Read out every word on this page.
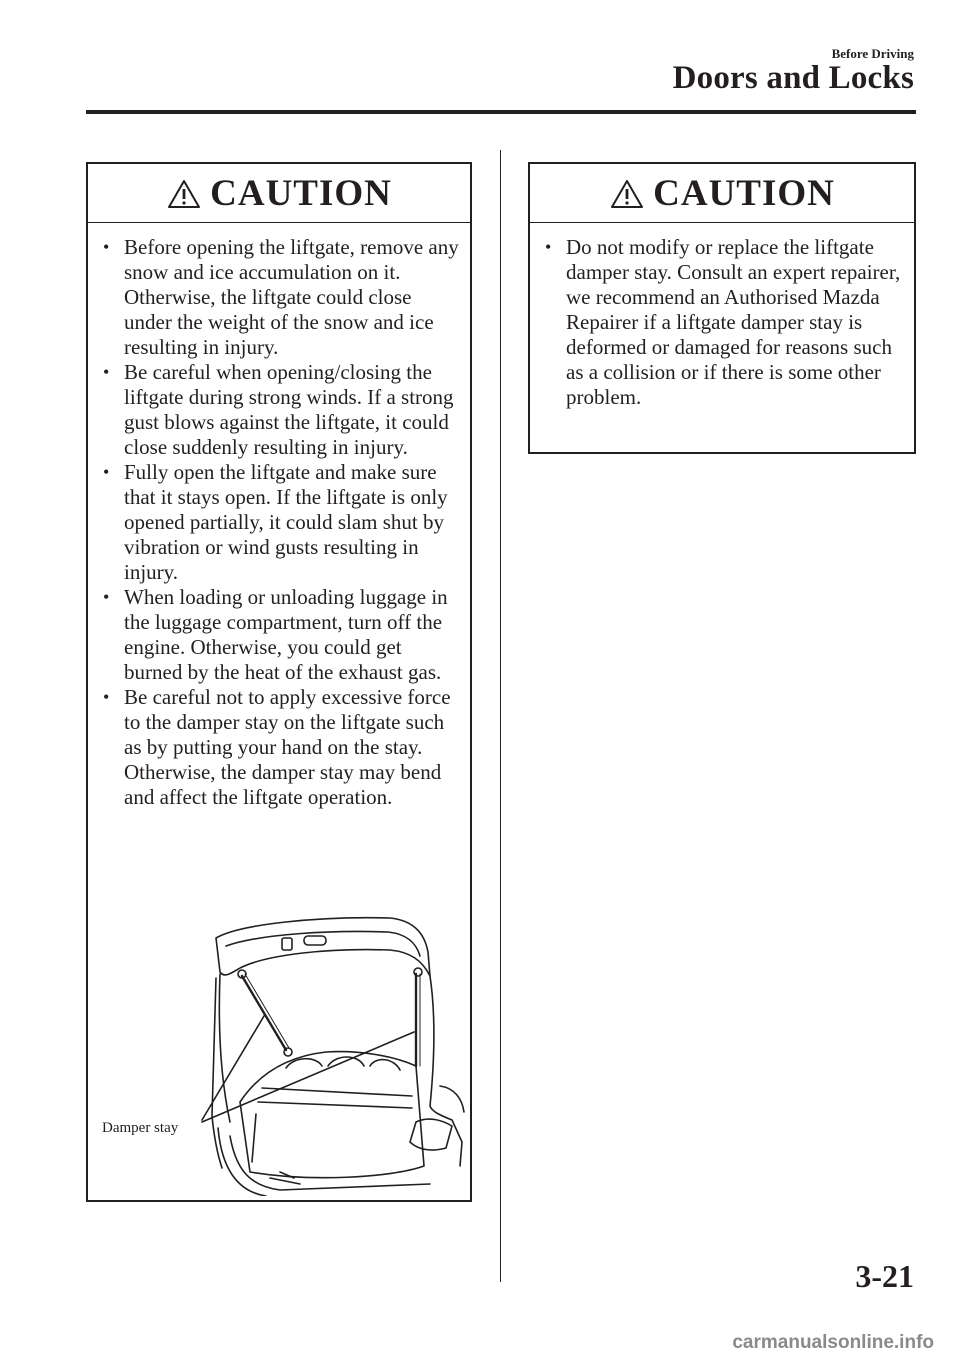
Before Driving
Doors and Locks
CAUTION
• Before opening the liftgate, remove any snow and ice accumulation on it. Otherwise, the liftgate could close under the weight of the snow and ice resulting in injury.
• Be careful when opening/closing the liftgate during strong winds. If a strong gust blows against the liftgate, it could close suddenly resulting in injury.
• Fully open the liftgate and make sure that it stays open. If the liftgate is only opened partially, it could slam shut by vibration or wind gusts resulting in injury.
• When loading or unloading luggage in the luggage compartment, turn off the engine. Otherwise, you could get burned by the heat of the exhaust gas.
• Be careful not to apply excessive force to the damper stay on the liftgate such as by putting your hand on the stay. Otherwise, the damper stay may bend and affect the liftgate operation.
Damper stay
CAUTION
• Do not modify or replace the liftgate damper stay. Consult an expert repairer, we recommend an Authorised Mazda Repairer if a liftgate damper stay is deformed or damaged for reasons such as a collision or if there is some other problem.
3-21
carmanualsonline.info
